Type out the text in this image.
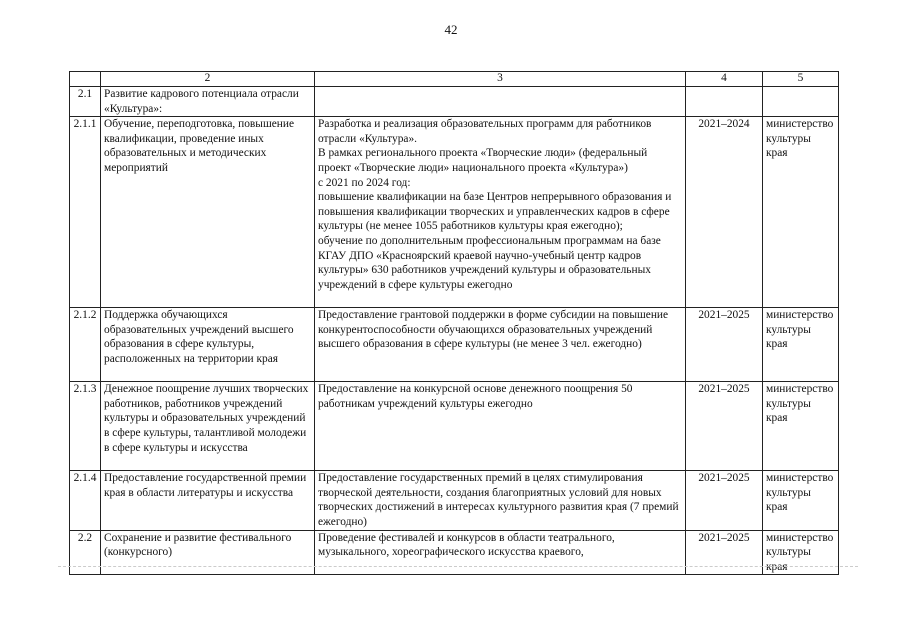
42
	2	3	4	5
2.1	Развитие кадрового потенциала отрасли «Культура»:			
2.1.1	Обучение, переподготовка, повышение квалификации, проведение иных образовательных и методических мероприятий	Разработка и реализация образовательных программ для работников отрасли «Культура».
В рамках регионального проекта «Творческие люди» (федеральный проект «Творческие люди» национального проекта «Культура»)
с 2021 по 2024 год:
повышение квалификации на базе Центров непрерывного образования и повышения квалификации творческих и управленческих кадров в сфере культуры (не менее 1055 работников культуры края ежегодно);
обучение по дополнительным профессиональным программам на базе КГАУ ДПО «Красноярский краевой научно-учебный центр кадров культуры» 630 работников учреждений культуры и образовательных учреждений в сфере культуры ежегодно	2021–2024	министерство культуры края
2.1.2	Поддержка обучающихся образовательных учреждений высшего образования в сфере культуры, расположенных на территории края	Предоставление грантовой поддержки в форме субсидии на повышение конкурентоспособности обучающихся образовательных учреждений высшего образования в сфере культуры (не менее 3 чел. ежегодно)	2021–2025	министерство культуры края
2.1.3	Денежное поощрение лучших творческих работников, работников учреждений культуры и образовательных учреждений в сфере культуры, талантливой молодежи в сфере культуры и искусства	Предоставление на конкурсной основе денежного поощрения 50 работникам учреждений культуры ежегодно	2021–2025	министерство культуры края
2.1.4	Предоставление государственной премии края в области литературы и искусства	Предоставление государственных премий в целях стимулирования творческой деятельности, создания благоприятных условий для новых творческих достижений в интересах культурного развития края (7 премий ежегодно)	2021–2025	министерство культуры края
2.2	Сохранение и развитие фестивального (конкурсного)	Проведение фестивалей и конкурсов в области театрального, музыкального, хореографического искусства краевого,	2021–2025	министерство культуры края
